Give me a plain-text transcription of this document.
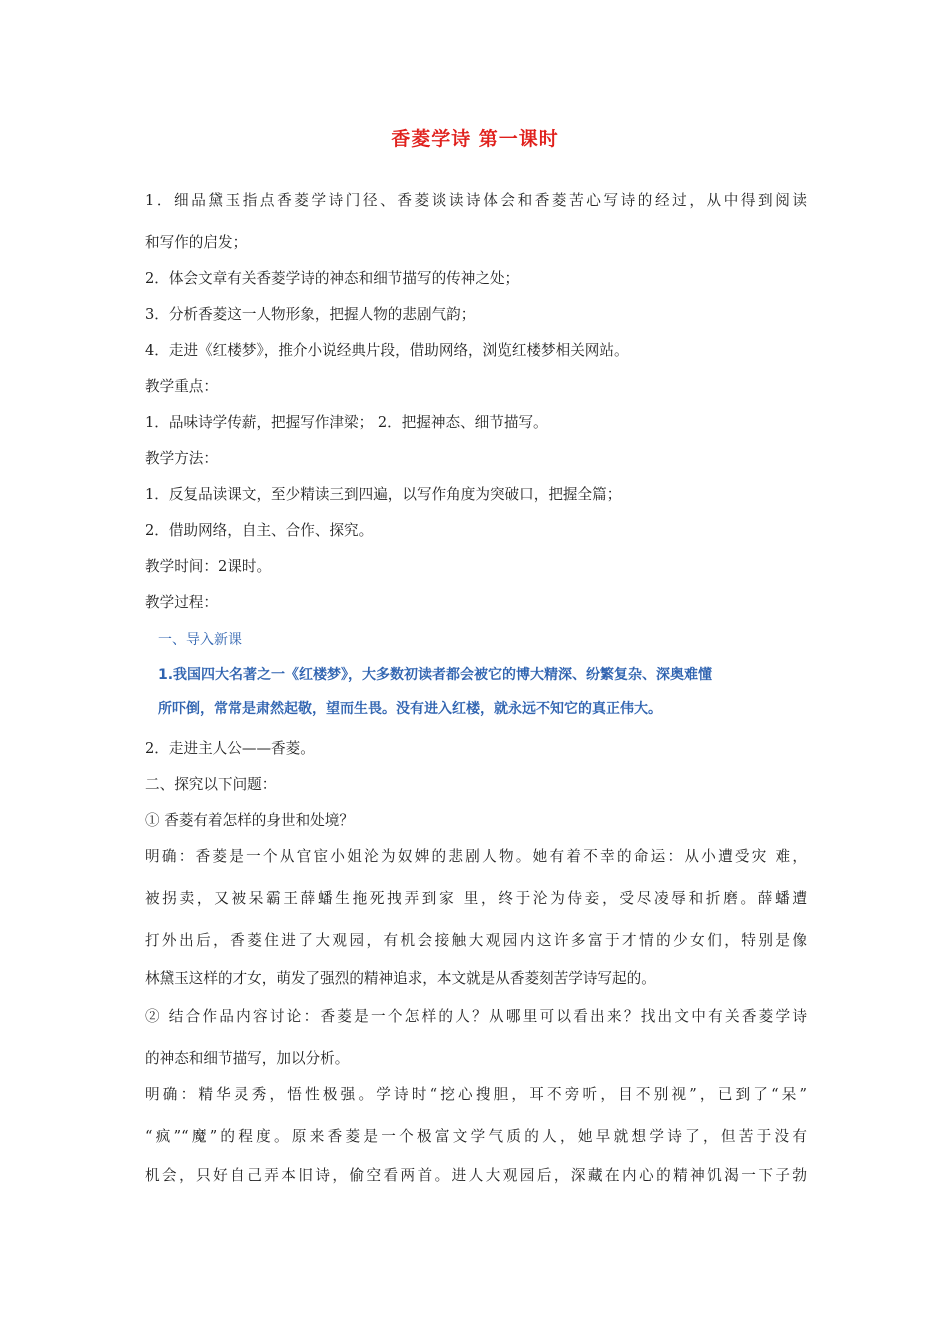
香菱学诗 第一课时
1．细品黛玉指点香菱学诗门径、香菱谈读诗体会和香菱苦心写诗的经过，从中得到阅读
和写作的启发；
2．体会文章有关香菱学诗的神态和细节描写的传神之处；
3．分析香菱这一人物形象，把握人物的悲剧气韵；
4．走进《红楼梦》，推介小说经典片段，借助网络，浏览红楼梦相关网站。
教学重点：
1．品味诗学传薪，把握写作津梁； 2．把握神态、细节描写。
教学方法：
1．反复品读课文，至少精读三到四遍，以写作角度为突破口，把握全篇；
2．借助网络，自主、合作、探究。
教学时间：2课时。
教学过程：
一、导入新课
1.我国四大名著之一《红楼梦》，大多数初读者都会被它的博大精深、纷繁复杂、深奥难懂
所吓倒，常常是肃然起敬，望而生畏。没有进入红楼，就永远不知它的真正伟大。
2．走进主人公——香菱。
二、探究以下问题：
① 香菱有着怎样的身世和处境？
明确：香菱是一个从官宦小姐沦为奴婢的悲剧人物。她有着不幸的命运：从小遭受灾 难，
被拐卖，又被呆霸王薛蟠生拖死拽弄到家 里，终于沦为侍妾，受尽凌辱和折磨。薛蟠遭
打外出后，香菱住进了大观园，有机会接触大观园内这许多富于才情的少女们，特别是像
林黛玉这样的才女，萌发了强烈的精神追求，本文就是从香菱刻苦学诗写起的。
② 结合作品内容讨论：香菱是一个怎样的人？从哪里可以看出来？找出文中有关香菱学诗
的神态和细节描写，加以分析。
明确：精华灵秀，悟性极强。学诗时“挖心搜胆，耳不旁听，目不别视”，已到了“呆”
“疯”“魔”的程度。原来香菱是一个极富文学气质的人，她早就想学诗了，但苦于没有
机会，只好自己弄本旧诗，偷空看两首。进人大观园后，深藏在内心的精神饥渴一下子勃
